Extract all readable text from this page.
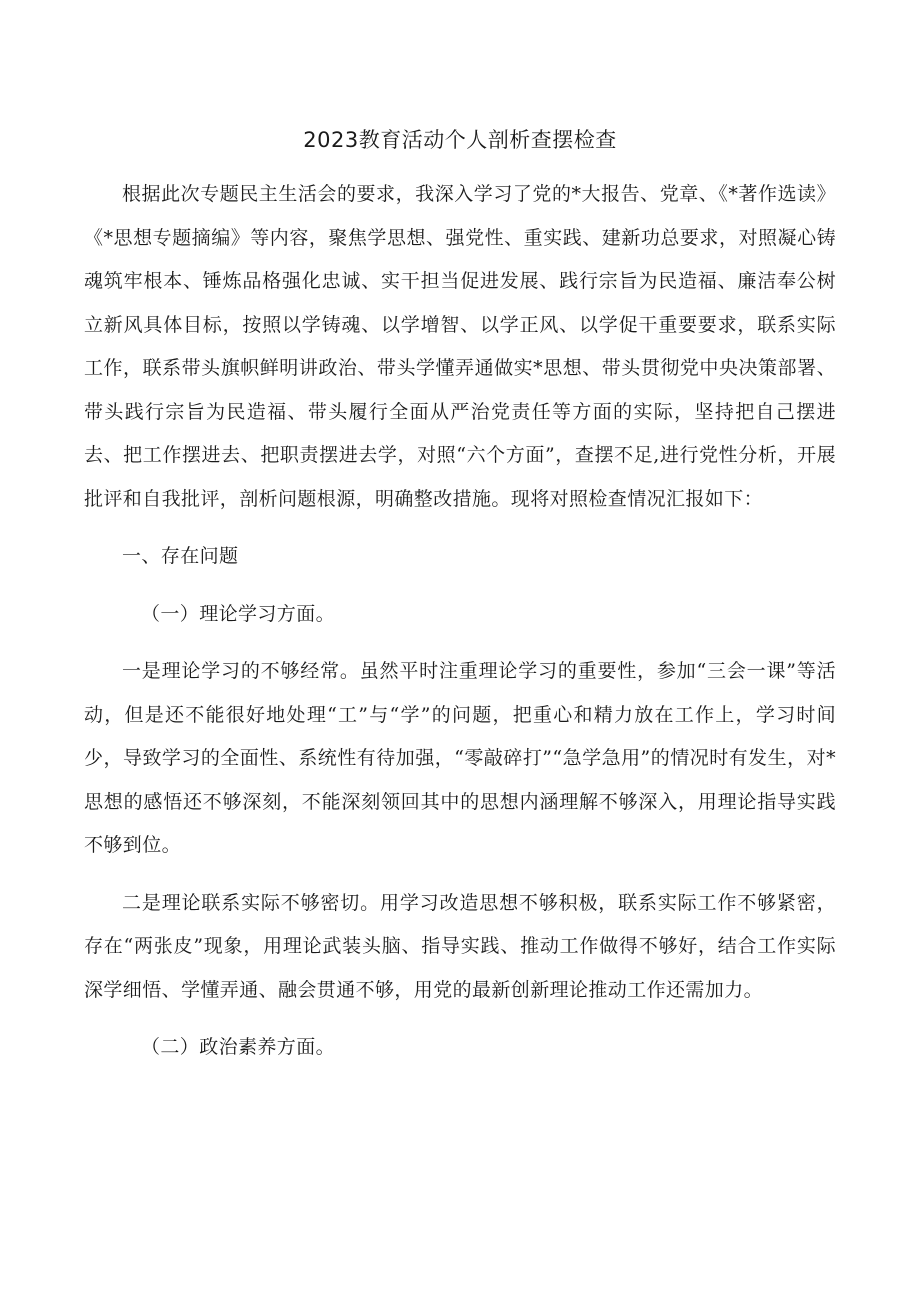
2023教育活动个人剖析查摆检查

根据此次专题民主生活会的要求，我深入学习了党的*大报告、党章、《*著作选读》《*思想专题摘编》等内容，聚焦学思想、强党性、重实践、建新功总要求，对照凝心铸魂筑牢根本、锤炼品格强化忠诚、实干担当促进发展、践行宗旨为民造福、廉洁奉公树立新风具体目标，按照以学铸魂、以学增智、以学正风、以学促干重要要求，联系实际工作，联系带头旗帜鲜明讲政治、带头学懂弄通做实*思想、带头贯彻党中央决策部署、带头践行宗旨为民造福、带头履行全面从严治党责任等方面的实际，坚持把自己摆进去、把工作摆进去、把职责摆进去学，对照“六个方面”，查摆不足,进行党性分析，开展批评和自我批评，剖析问题根源，明确整改措施。现将对照检查情况汇报如下：

一、存在问题

（一）理论学习方面。

一是理论学习的不够经常。虽然平时注重理论学习的重要性，参加“三会一课”等活动，但是还不能很好地处理“工”与“学”的问题，把重心和精力放在工作上，学习时间少，导致学习的全面性、系统性有待加强，“零敲碎打”“急学急用”的情况时有发生，对*思想的感悟还不够深刻，不能深刻领回其中的思想内涵理解不够深入，用理论指导实践不够到位。

二是理论联系实际不够密切。用学习改造思想不够积极，联系实际工作不够紧密，存在“两张皮”现象，用理论武装头脑、指导实践、推动工作做得不够好，结合工作实际深学细悟、学懂弄通、融会贯通不够，用党的最新创新理论推动工作还需加力。

（二）政治素养方面。
